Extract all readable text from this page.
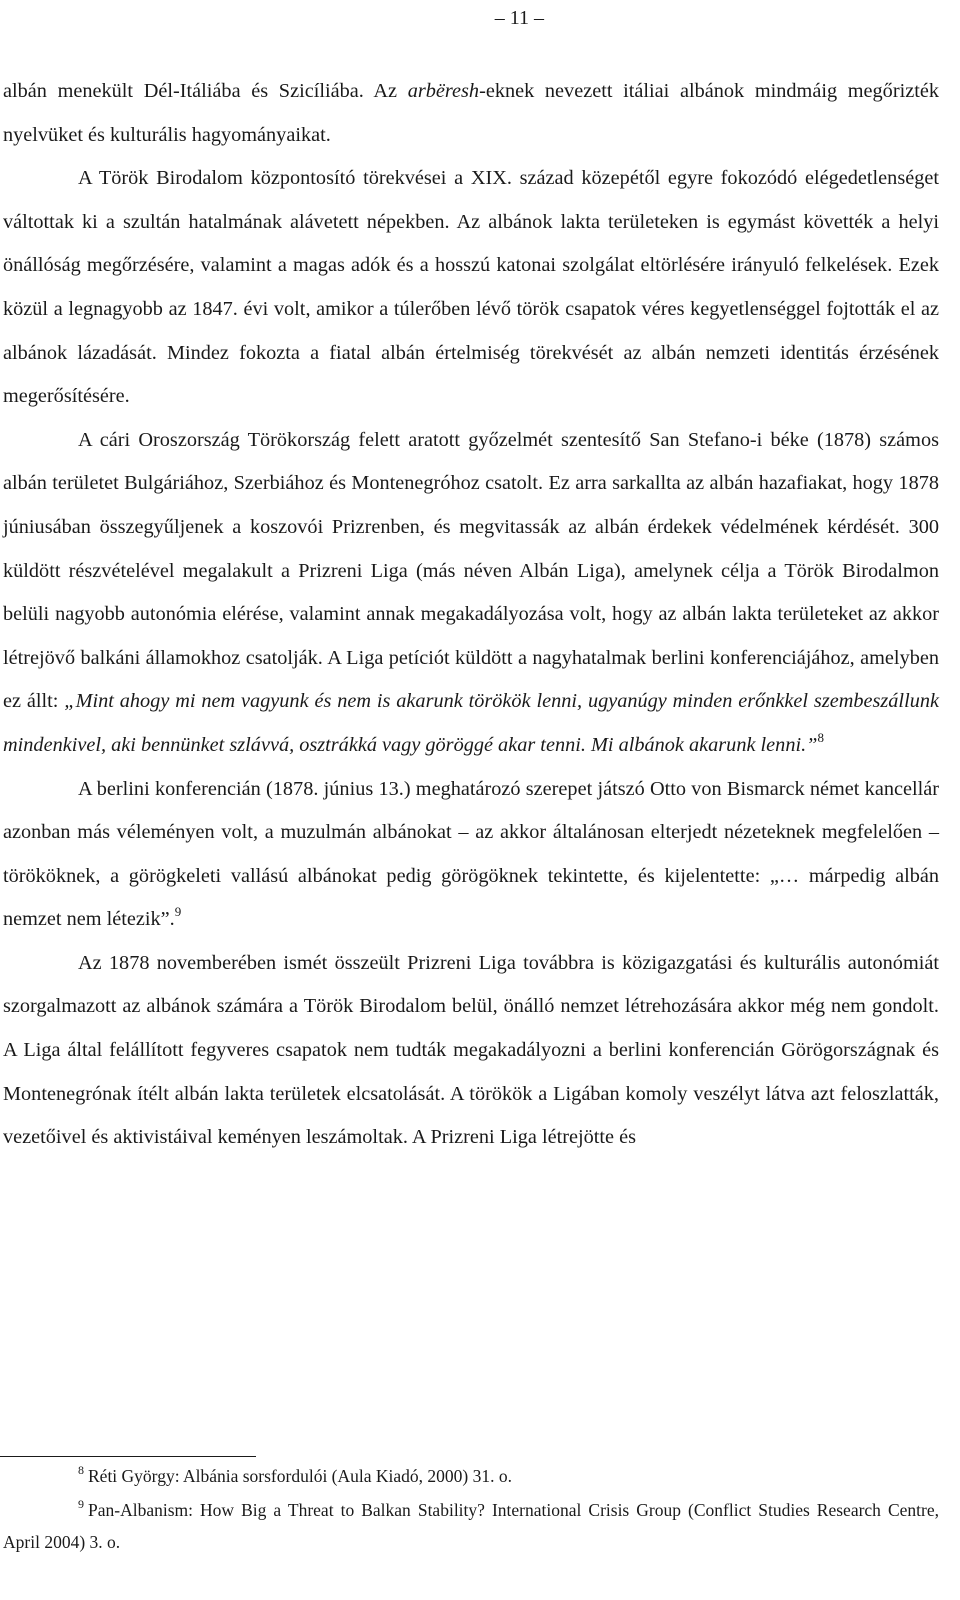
– 11 –

albán menekült Dél-Itáliába és Szicíliába. Az arbëresh-eknek nevezett itáliai albánok mindmáig megőrizték nyelvüket és kulturális hagyományaikat.

A Török Birodalom központosító törekvései a XIX. század közepétől egyre fokozódó elégedetlenséget váltottak ki a szultán hatalmának alávetett népekben. Az albánok lakta területeken is egymást követték a helyi önállóság megőrzésére, valamint a magas adók és a hosszú katonai szolgálat eltörlésére irányuló felkelések. Ezek közül a legnagyobb az 1847. évi volt, amikor a túlerőben lévő török csapatok véres kegyetlenséggel fojtották el az albánok lázadását. Mindez fokozta a fiatal albán értelmiség törekvését az albán nemzeti identitás érzésének megerősítésére.

A cári Oroszország Törökország felett aratott győzelmét szentesítő San Stefano-i béke (1878) számos albán területet Bulgáriához, Szerbiához és Montenegróhoz csatolt. Ez arra sarkallta az albán hazafiakat, hogy 1878 júniusában összegyűljenek a koszovói Prizrenben, és megvitassák az albán érdekek védelmének kérdését. 300 küldött részvételével megalakult a Prizreni Liga (más néven Albán Liga), amelynek célja a Török Birodalmon belüli nagyobb autonómia elérése, valamint annak megakadályozása volt, hogy az albán lakta területeket az akkor létrejövő balkáni államokhoz csatolják. A Liga petíciót küldött a nagyhatalmak berlini konferenciájához, amelyben ez állt: „Mint ahogy mi nem vagyunk és nem is akarunk törökök lenni, ugyanúgy minden erőnkkel szembeszállunk mindenkivel, aki bennünket szlávvá, osztrákká vagy göröggé akar tenni. Mi albánok akarunk lenni.”$^8$

A berlini konferencián (1878. június 13.) meghatározó szerepet játszó Otto von Bismarck német kancellár azonban más véleményen volt, a muzulmán albánokat – az akkor általánosan elterjedt nézeteknek megfelelően – törököknek, a görögkeleti vallású albánokat pedig görögöknek tekintette, és kijelentette: „… márpedig albán nemzet nem létezik”.$^9$

Az 1878 novemberében ismét összeült Prizreni Liga továbbra is közigazgatási és kulturális autonómiát szorgalmazott az albánok számára a Török Birodalom belül, önálló nemzet létrehozására akkor még nem gondolt. A Liga által felállított fegyveres csapatok nem tudták megakadályozni a berlini konferencián Görögországnak és Montenegrónak ítélt albán lakta területek elcsatolását. A törökök a Ligában komoly veszélyt látva azt feloszlatták, vezetőivel és aktivistáival keményen leszámoltak. A Prizreni Liga létrejötte és

$^8$ Réti György: Albánia sorsfordulói (Aula Kiadó, 2000) 31. o.

$^9$ Pan-Albanism: How Big a Threat to Balkan Stability? International Crisis Group (Conflict Studies Research Centre, April 2004) 3. o.
